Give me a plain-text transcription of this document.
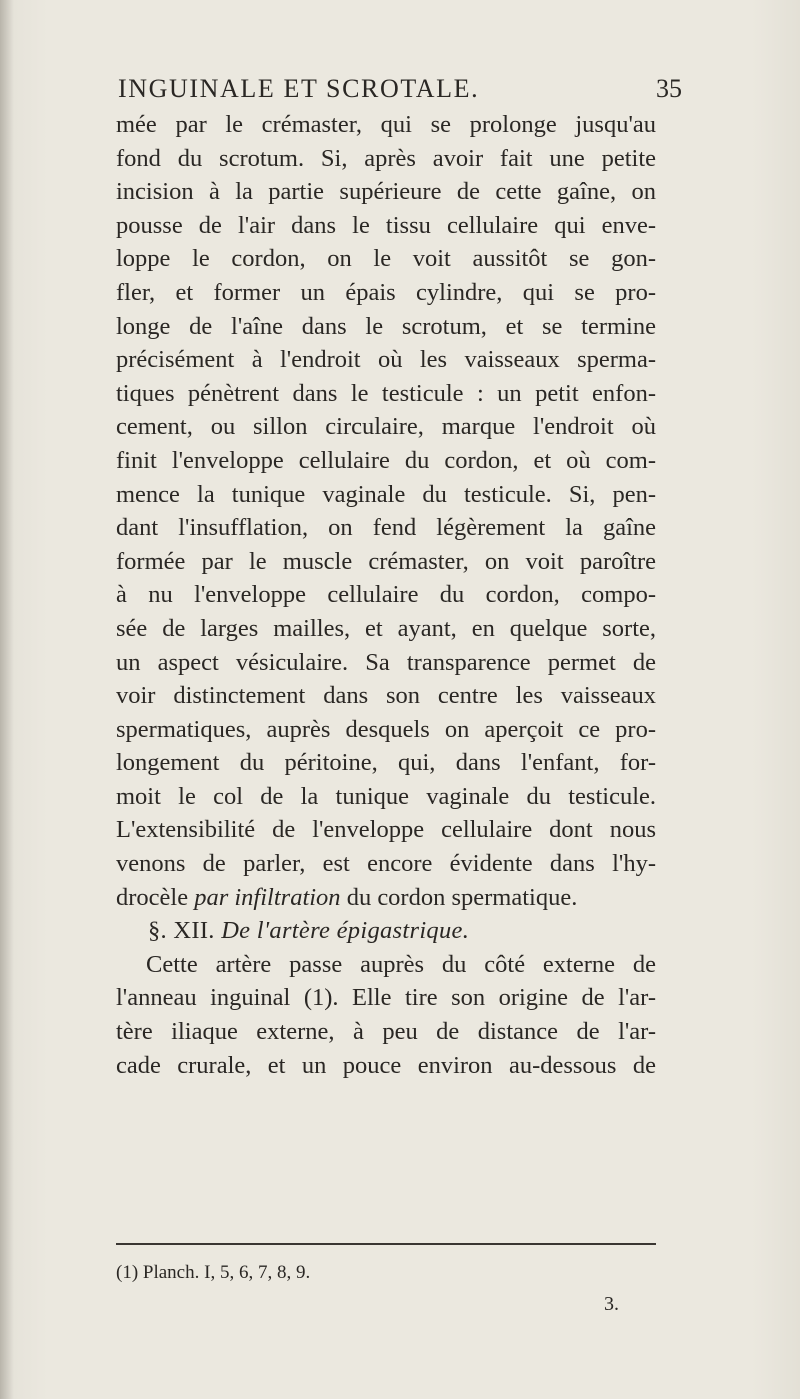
INGUINALE ET SCROTALE.	35
mée par le crémaster, qui se prolonge jusqu'au
fond du scrotum. Si, après avoir fait une petite
incision à la partie supérieure de cette gaîne, on
pousse de l'air dans le tissu cellulaire qui enve-
loppe le cordon, on le voit aussitôt se gon-
fler, et former un épais cylindre, qui se pro-
longe de l'aîne dans le scrotum, et se termine
précisément à l'endroit où les vaisseaux sperma-
tiques pénètrent dans le testicule : un petit enfon-
cement, ou sillon circulaire, marque l'endroit où
finit l'enveloppe cellulaire du cordon, et où com-
mence la tunique vaginale du testicule. Si, pen-
dant l'insufflation, on fend légèrement la gaîne
formée par le muscle crémaster, on voit paroître
à nu l'enveloppe cellulaire du cordon, compo-
sée de larges mailles, et ayant, en quelque sorte,
un aspect vésiculaire. Sa transparence permet de
voir distinctement dans son centre les vaisseaux
spermatiques, auprès desquels on aperçoit ce pro-
longement du péritoine, qui, dans l'enfant, for-
moit le col de la tunique vaginale du testicule.
L'extensibilité de l'enveloppe cellulaire dont nous
venons de parler, est encore évidente dans l'hy-
drocèle par infiltration du cordon spermatique.
§. XII. De l'artère épigastrique.
Cette artère passe auprès du côté externe de
l'anneau inguinal (1). Elle tire son origine de l'ar-
tère iliaque externe, à peu de distance de l'ar-
cade crurale, et un pouce environ au-dessous de
(1) Planch. I, 5, 6, 7, 8, 9.
3.
